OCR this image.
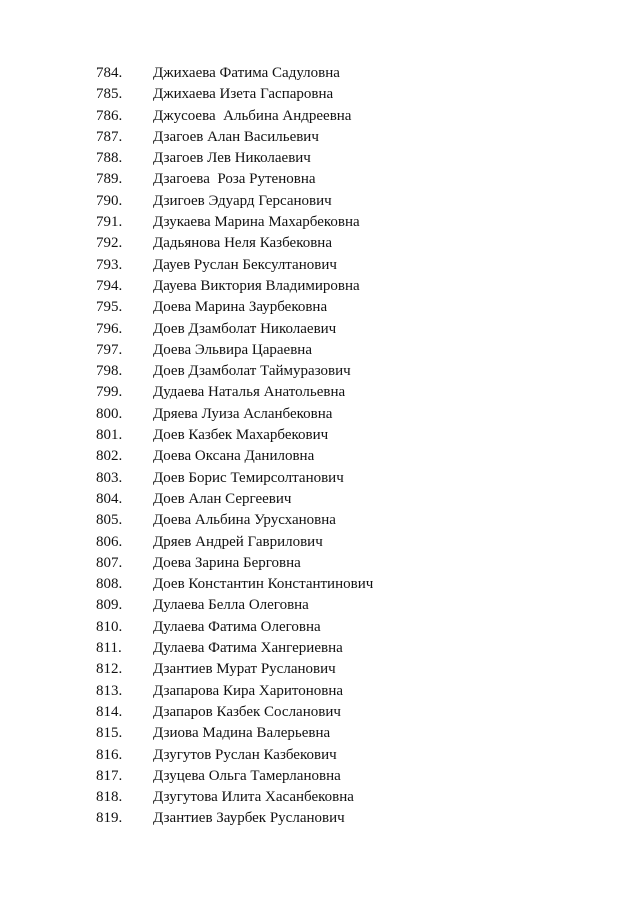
784. Джихаева Фатима Садуловна
785. Джихаева Изета Гаспаровна
786. Джусоева  Альбина Андреевна
787. Дзагоев Алан Васильевич
788. Дзагоев Лев Николаевич
789. Дзагоева  Роза Рутеновна
790. Дзигоев Эдуард Герсанович
791. Дзукаева Марина Махарбековна
792. Дадьянова Неля Казбековна
793. Дауев Руслан Бексултанович
794. Дауева Виктория Владимировна
795. Доева Марина Заурбековна
796. Доев Дзамболат Николаевич
797. Доева Эльвира Цараевна
798. Доев Дзамболат Таймуразович
799. Дудаева Наталья Анатольевна
800. Дряева Луиза Асланбековна
801. Доев Казбек Махарбекович
802. Доева Оксана Даниловна
803. Доев Борис Темирсолтанович
804. Доев Алан Сергеевич
805. Доева Альбина Урусхановна
806. Дряев Андрей Гаврилович
807. Доева Зарина Берговна
808. Доев Константин Константинович
809. Дулаева Белла Олеговна
810. Дулаева Фатима Олеговна
811. Дулаева Фатима Хангериевна
812. Дзантиев Мурат Русланович
813. Дзапарова Кира Харитоновна
814. Дзапаров Казбек Сосланович
815. Дзиова Мадина Валерьевна
816. Дзугутов Руслан Казбекович
817. Дзуцева Ольга Тамерлановна
818. Дзугутова Илита Хасанбековна
819. Дзантиев Заурбек Русланович
